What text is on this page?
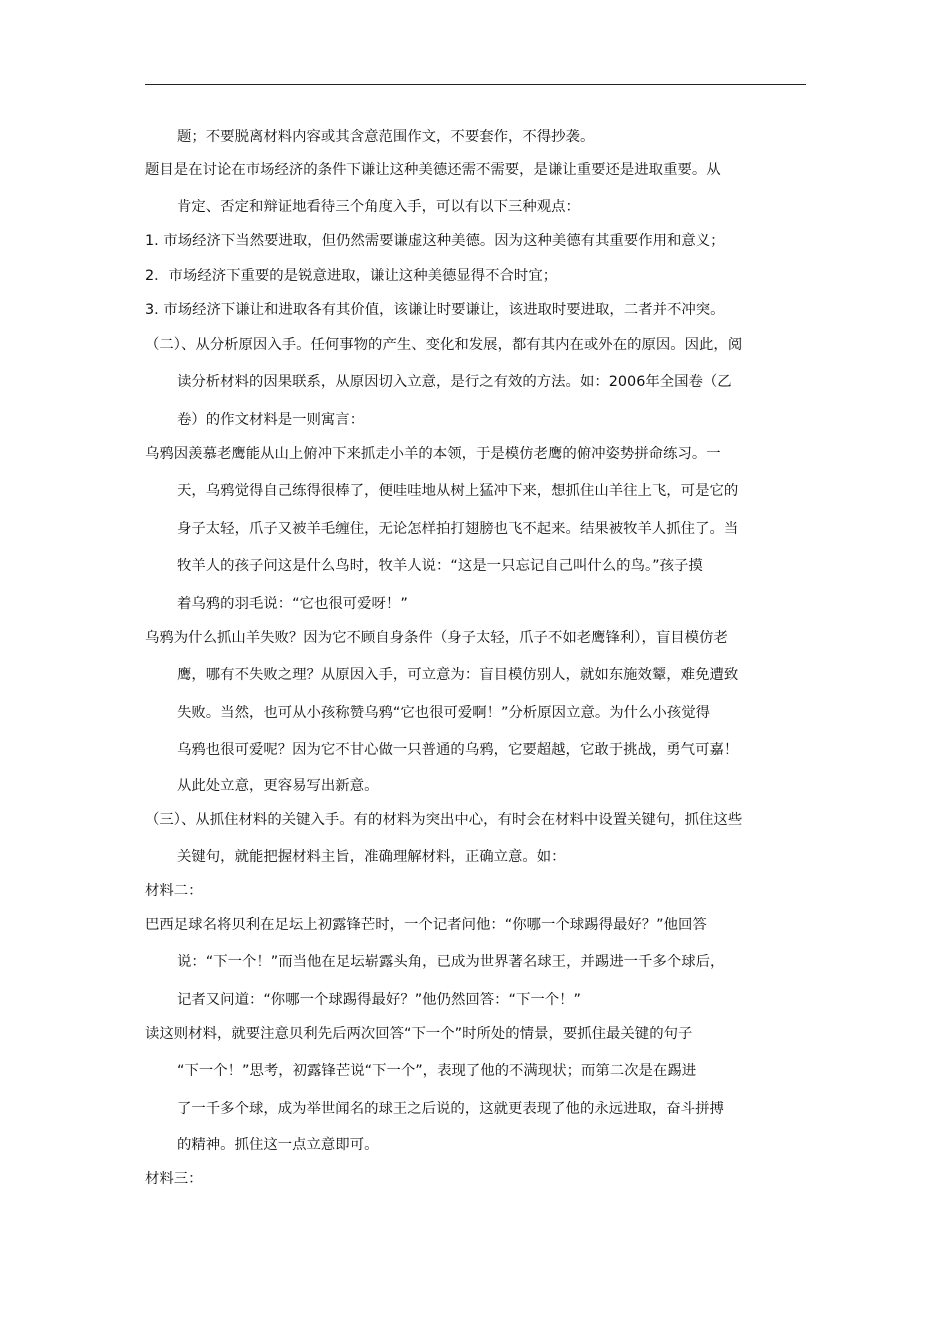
题；不要脱离材料内容或其含意范围作文，不要套作，不得抄袭。
题目是在讨论在市场经济的条件下谦让这种美德还需不需要，是谦让重要还是进取重要。从
肯定、否定和辩证地看待三个角度入手，可以有以下三种观点：
1. 市场经济下当然要进取，但仍然需要谦虚这种美德。因为这种美德有其重要作用和意义；
2．市场经济下重要的是锐意进取，谦让这种美德显得不合时宜；
3. 市场经济下谦让和进取各有其价值，该谦让时要谦让，该进取时要进取，二者并不冲突。
（二）、从分析原因入手。任何事物的产生、变化和发展，都有其内在或外在的原因。因此，阅
读分析材料的因果联系，从原因切入立意，是行之有效的方法。如：2006年全国卷（乙
卷）的作文材料是一则寓言：
乌鸦因羡慕老鹰能从山上俯冲下来抓走小羊的本领，于是模仿老鹰的俯冲姿势拼命练习。一
天，乌鸦觉得自己练得很棒了，便哇哇地从树上猛冲下来，想抓住山羊往上飞，可是它的
身子太轻，爪子又被羊毛缠住，无论怎样拍打翅膀也飞不起来。结果被牧羊人抓住了。当
牧羊人的孩子问这是什么鸟时，牧羊人说：“这是一只忘记自己叫什么的鸟。”孩子摸
着乌鸦的羽毛说：“它也很可爱呀！”
乌鸦为什么抓山羊失败？因为它不顾自身条件（身子太轻，爪子不如老鹰锋利），盲目模仿老
鹰，哪有不失败之理？从原因入手，可立意为：盲目模仿别人，就如东施效颦，难免遭致
失败。当然，也可从小孩称赞乌鸦“它也很可爱啊！”分析原因立意。为什么小孩觉得
乌鸦也很可爱呢？因为它不甘心做一只普通的乌鸦，它要超越，它敢于挑战，勇气可嘉！
从此处立意，更容易写出新意。
（三）、从抓住材料的关键入手。有的材料为突出中心，有时会在材料中设置关键句，抓住这些
关键句，就能把握材料主旨，准确理解材料，正确立意。如：
材料二：
巴西足球名将贝利在足坛上初露锋芒时，一个记者问他：“你哪一个球踢得最好？”他回答
说：“下一个！”而当他在足坛崭露头角，已成为世界著名球王，并踢进一千多个球后，
记者又问道：“你哪一个球踢得最好？”他仍然回答：“下一个！”
读这则材料，就要注意贝利先后两次回答“下一个”时所处的情景，要抓住最关键的句子
“下一个！”思考，初露锋芒说“下一个”，表现了他的不满现状；而第二次是在踢进
了一千多个球，成为举世闻名的球王之后说的，这就更表现了他的永远进取，奋斗拼搏
的精神。抓住这一点立意即可。
材料三：
